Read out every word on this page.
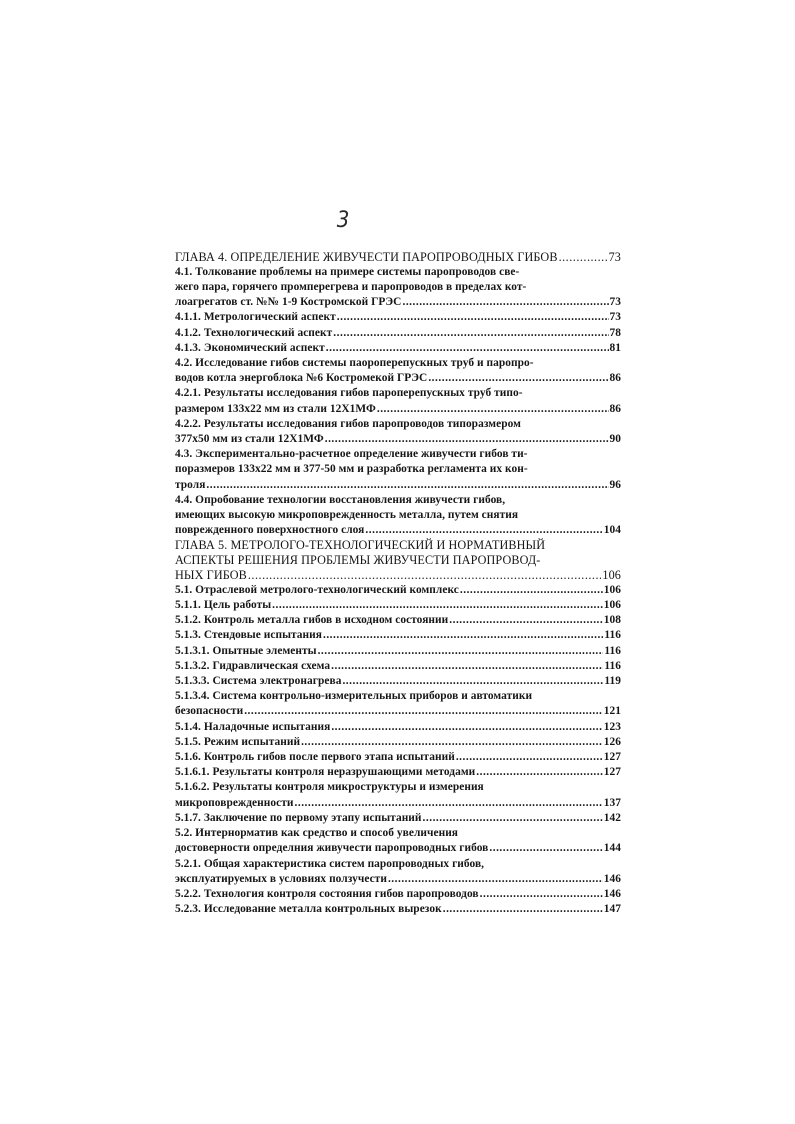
3
ГЛАВА 4. ОПРЕДЕЛЕНИЕ ЖИВУЧЕСТИ ПАРОПРОВОДНЫХ ГИБОВ .....	73
4.1. Толкование проблемы на примере системы паропроводов све-
жего пара, горячего промперегрева и паропроводов в пределах кот-
лоагрегатов ст. №№ 1-9 Костромской ГРЭС .....	73
4.1.1. Метрологический аспект .....	73
4.1.2. Технологический аспект .....	78
4.1.3. Экономический аспект .....	81
4.2. Исследование гибов системы паороперепускных труб и паропро-
водов котла энергоблока №6 Костромекой ГРЭС .....	86
4.2.1. Результаты исследования гибов пароперепускных труб типо-
размером 133х22 мм из стали 12Х1МФ .....	86
4.2.2. Результаты исследования гибов паропроводов типоразмером
377х50 мм из стали 12Х1МФ .....	90
4.3. Экспериментально-расчетное определение живучести гибов ти-
поразмеров 133х22 мм и 377-50 мм и разработка регламента их кон-
троля .....	96
4.4. Опробование технологии восстановления живучести гибов,
имеющих высокую микроповрежденность металла, путем снятия
поврежденного поверхностного слоя .....	104
ГЛАВА 5. МЕТРОЛОГО-ТЕХНОЛОГИЧЕСКИЙ И НОРМАТИВНЫЙ
АСПЕКТЫ РЕШЕНИЯ ПРОБЛЕМЫ ЖИВУЧЕСТИ ПАРОПРОВОД-
НЫХ ГИБОВ .....	106
5.1. Отраслевой метролого-технологический комплекс .....	106
5.1.1. Цель работы .....	106
5.1.2. Контроль металла гибов в исходном состоянии .....	108
5.1.3. Стендовые испытания .....	116
5.1.3.1. Опытные элементы .....	116
5.1.3.2. Гидравлическая схема .....	116
5.1.3.3. Система электронагрева .....	119
5.1.3.4. Система контрольно-измерительных приборов и автоматики
безопасности .....	121
5.1.4. Наладочные испытания .....	123
5.1.5. Режим испытаний .....	126
5.1.6. Контроль гибов после первого этапа испытаний .....	127
5.1.6.1. Результаты контроля неразрушающими методами .....	127
5.1.6.2. Результаты контроля микроструктуры и измерения
микроповрежденности .....	137
5.1.7. Заключение по первому этапу испытаний .....	142
5.2. Интернорматив как средство и способ увеличения
достоверности определния живучести паропроводных гибов .....	144
5.2.1. Общая характеристика систем паропроводных гибов,
эксплуатируемых в условиях ползучести .....	146
5.2.2. Технология контроля состояния гибов паропроводов .....	146
5.2.3. Исследование металла контрольных вырезок .....	147
